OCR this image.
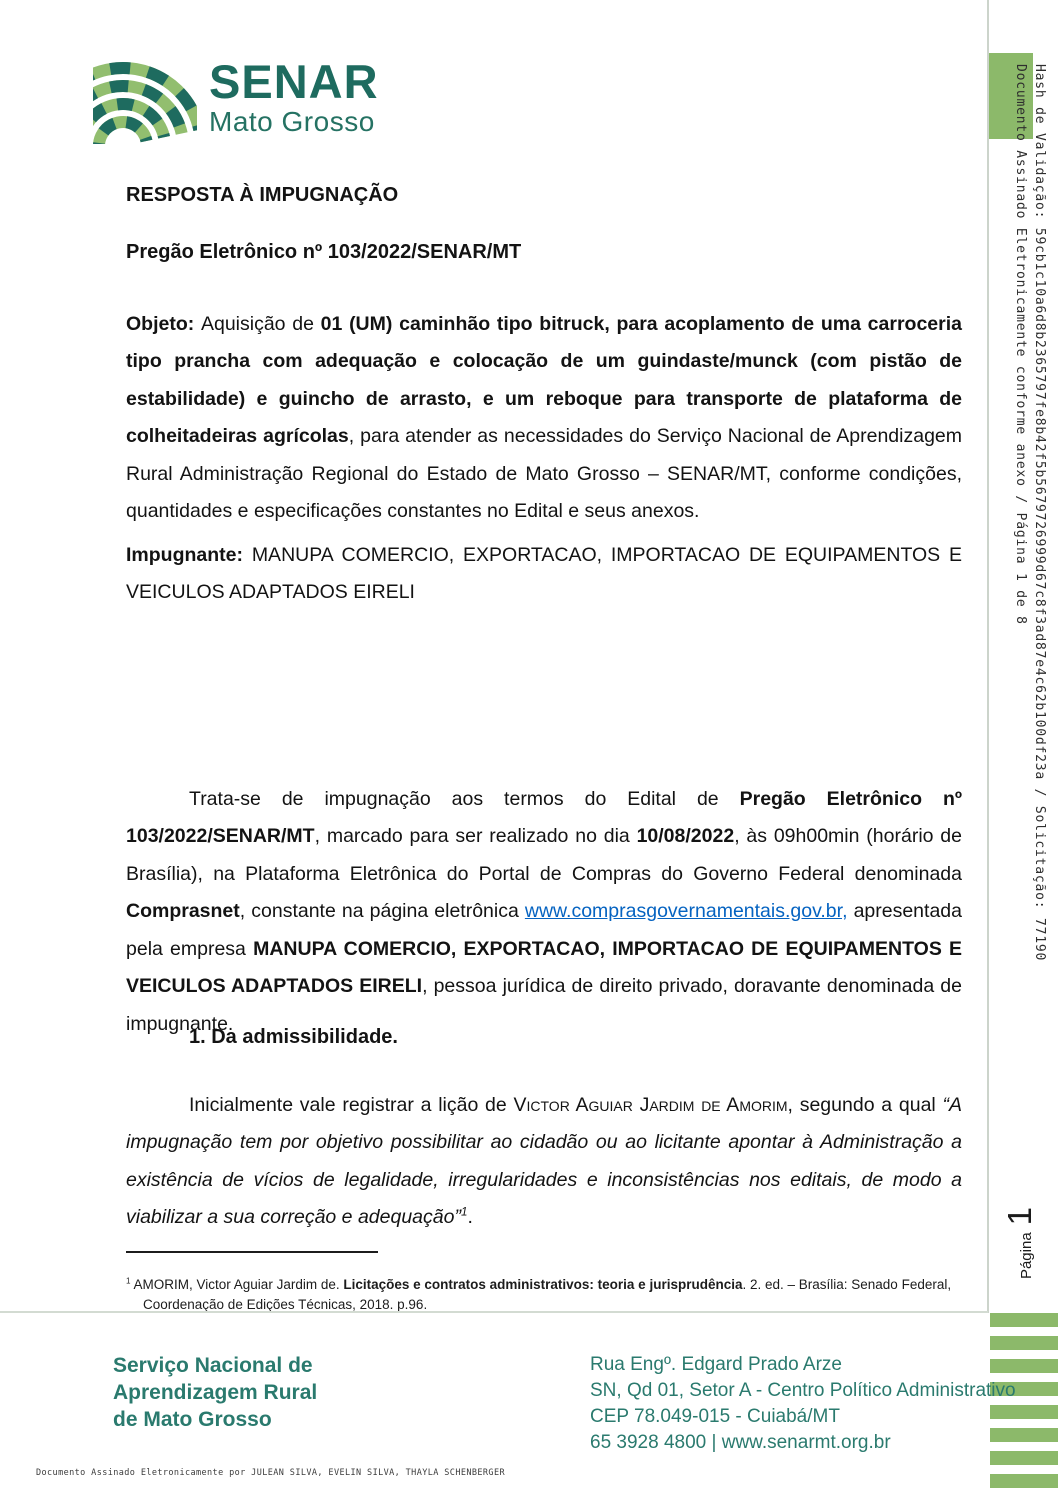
Hash de Validação: 59cb1c10a6d8b2365797fe8b42f5b5679726999d67c8f3ad87e4c62b100df23a / Solicitação: 77190
Documento Assinado Eletronicamente conforme anexo / Página 1 de 8
Página
1
SENAR
Mato Grosso
RESPOSTA À IMPUGNAÇÃO
Pregão Eletrônico nº 103/2022/SENAR/MT

Objeto: Aquisição de 01 (UM) caminhão tipo bitruck, para acoplamento de uma carroceria tipo prancha com adequação e colocação de um guindaste/munck (com pistão de estabilidade) e guincho de arrasto, e um reboque para transporte de plataforma de colheitadeiras agrícolas, para atender as necessidades do Serviço Nacional de Aprendizagem Rural Administração Regional do Estado de Mato Grosso – SENAR/MT, conforme condições, quantidades e especificações constantes no Edital e seus anexos.

Impugnante: MANUPA COMERCIO, EXPORTACAO, IMPORTACAO DE EQUIPAMENTOS E VEICULOS ADAPTADOS EIRELI

Trata-se de impugnação aos termos do Edital de Pregão Eletrônico nº 103/2022/SENAR/MT, marcado para ser realizado no dia 10/08/2022, às 09h00min (horário de Brasília), na Plataforma Eletrônica do Portal de Compras do Governo Federal denominada Comprasnet, constante na página eletrônica www.comprasgovernamentais.gov.br, apresentada pela empresa MANUPA COMERCIO, EXPORTACAO, IMPORTACAO DE EQUIPAMENTOS E VEICULOS ADAPTADOS EIRELI, pessoa jurídica de direito privado, doravante denominada de impugnante.

1. Da admissibilidade.

Inicialmente vale registrar a lição de Victor Aguiar Jardim de Amorim, segundo a qual “A impugnação tem por objetivo possibilitar ao cidadão ou ao licitante apontar à Administração a existência de vícios de legalidade, irregularidades e inconsistências nos editais, de modo a viabilizar a sua correção e adequação”$^1$.

$^1$ AMORIM, Victor Aguiar Jardim de. Licitações e contratos administrativos: teoria e jurisprudência. 2. ed. – Brasília: Senado Federal, Coordenação de Edições Técnicas, 2018. p.96.

Serviço Nacional de
Aprendizagem Rural
de Mato Grosso
Rua Engº. Edgard Prado Arze
SN, Qd 01, Setor A - Centro Político Administrativo
CEP 78.049-015 - Cuiabá/MT
65 3928 4800 | www.senarmt.org.br
Documento Assinado Eletronicamente por JULEAN SILVA, EVELIN SILVA, THAYLA SCHENBERGER
